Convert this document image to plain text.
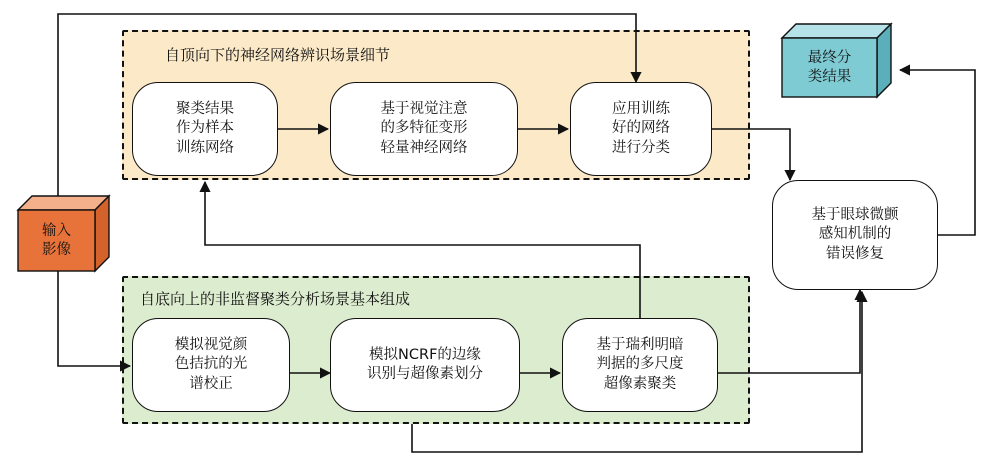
自顶向下的神经网络辨识场景细节
自底向上的非监督聚类分析场景基本组成
输入
影像
最终分
类结果
聚类结果
作为样本
训练网络
基于视觉注意
的多特征变形
轻量神经网络
应用训练
好的网络
进行分类
模拟视觉颜
色拮抗的光
谱校正
模拟NCRF的边缘
识别与超像素划分
基于瑞利明暗
判据的多尺度
超像素聚类
基于眼球微颤
感知机制的
错误修复
